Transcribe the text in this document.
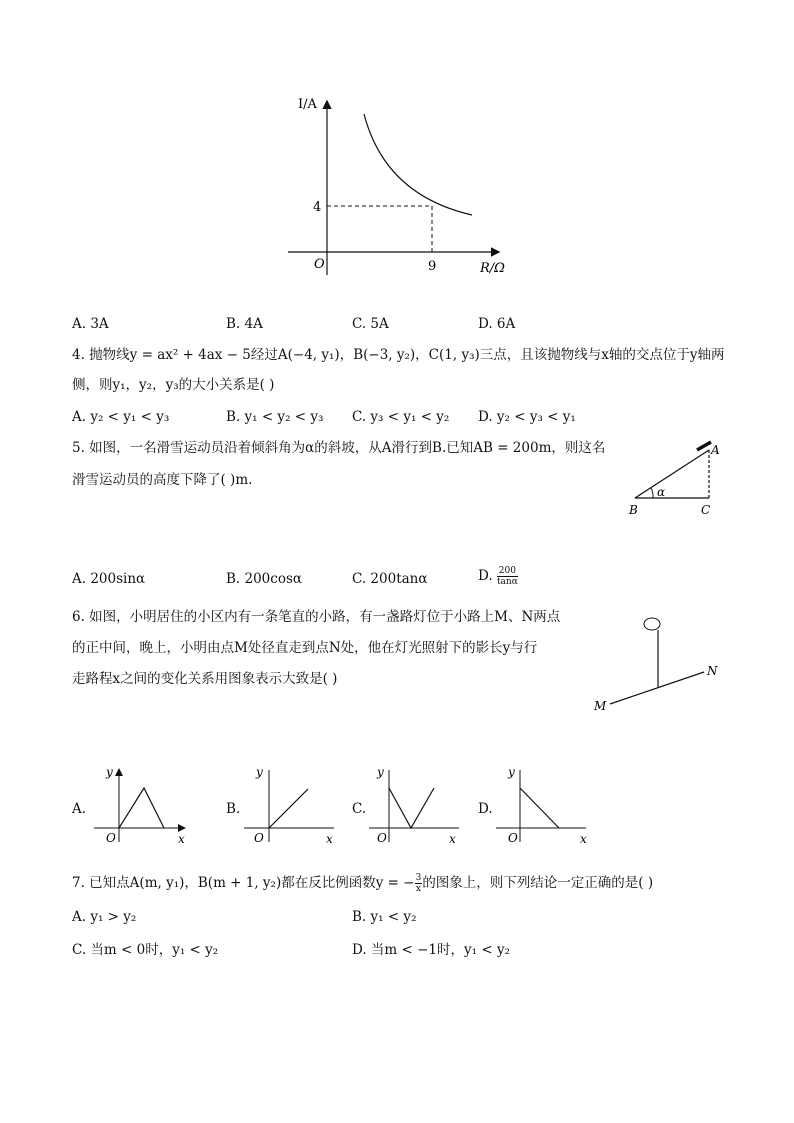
I/A
R/Ω
O
4
9
A. 3A	B. 4A	C. 5A	D. 6A
4. 抛物线y = ax² + 4ax − 5经过A(−4, y₁)，B(−3, y₂)，C(1, y₃)三点，且该抛物线与x轴的交点位于y轴两
侧，则y₁，y₂，y₃的大小关系是( )
A. y₂ < y₁ < y₃	B. y₁ < y₂ < y₃ C. y₃ < y₁ < y₂ D. y₂ < y₃ < y₁
5. 如图，一名滑雪运动员沿着倾斜角为α的斜坡，从A滑行到B.已知AB = 200m，则这名
滑雪运动员的高度下降了( )m.
A
B	C
α
A. 200sinα	B. 200cosα	C. 200tanα	D. $\frac{200}{\tan\alpha}$
6. 如图，小明居住的小区内有一条笔直的小路，有一盏路灯位于小路上M、N两点
的正中间，晚上，小明由点M处径直走到点N处，他在灯光照射下的影长y与行
走路程x之间的变化关系用图象表示大致是( )
M
N
A.	B.	C.	D.
y
x
O
y
x
O
y
x
O
y
x
O
7. 已知点A(m, y₁)，B(m + 1, y₂)都在反比例函数y = − $\frac{3}{x}$ 的图象上，则下列结论一定正确的是( )
A. y₁ > y₂	B. y₁ < y₂
C. 当m < 0时，y₁ < y₂	D. 当m < −1时，y₁ < y₂
